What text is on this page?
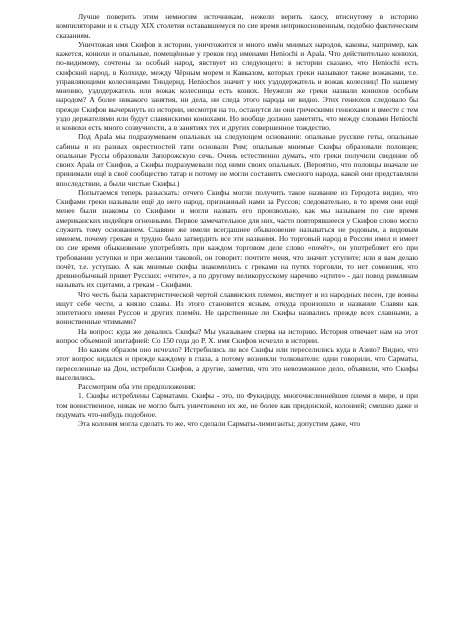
Лучше поверить этим немногим источникам, нежели верить хаосу, втиснутому в историю компиляторами и к стыду XIX столетия остававшемуся по сие время неприкосновенным, подобно фактическим сказаниям.

Уничтожая имя Скифов в истории, уничтожится и много имён мнимых народов, каковы, например, как кажется, конюхи и опальные, помещённые у греков под именами Heniochi и Apala. Что действительно конюхи, по-видимому, сочтены за особый народ, явствует из следующего: в истории сказано, что Heniochi есть скифский народ, в Колхиде, между Чёрным морем и Кавказом, которых греки называют также вожаками, т.е. управляющими колесницами Тиндерид. Heniochos значит у них уздодержатель и вожак колесниц! По нашему мнению, уздодержатель или вожак колесницы есть конюх. Неужели же греки назвали конюхов особым народом? А более никакого занятия, ни дела, ни следа этого народа не видно. Этих гениохов следовало бы прежде Скифов вычеркнуть из истории, несмотря на то, останутся ли они греческими геннохами и вместе с тем уздо держателями или будут славянскими конюхами. Но вообще должно заметить, что между словами Heniochi и конюхи есть много созвучности, а в занятиях тех и других совершенное тождество.

Под Apala мы подразумеваем опальных на следующем основании: опальные русские геты, опальные сабины и из разных окрестностей тати основали Рим; опальные мнимые Скифы образовали половцев; опальные Руссы образовали Запорожскую сечь. Очень естественно думать, что греки получили сведение об своих Apala от Скифов, а Скифы подразумевали под ними своих опальных. (Вероятно, что половцы вначале не принимали ещё в своё сообщество татар и потому не могли составить смесного народа, какой они представляли впоследствии, а были чистые Скифы.)

Попытаемся теперь разыскать: отчего Скифы могли получить такое название из Геродота видно, что Скифами греки называли ещё до него народ, признанный нами за Руссов; следовательно, в то время они ещё менее были знакомы со Скифами и могли назвать его произвольно, как мы называем по сие время американских индейцев огненными. Первое замечательное для них, часто повторявшееся у Скифов слово могло служить тому основанием. Славяне же имели всегдашнее обыкновение называться не родовым, а видовым именем, почему грекам и трудно было затвердить все эти названия. Но торговый народ в России имел и имеет по сие время обыкновение употреблять при каждом торговом деле слово «почёт», он употребляет его при требовании уступки и при желании таковой, он говорит: почтите меня, что значит уступите; или я вам делаю почёт, т.е. уступаю. А как мнимые скифы знакомились с греками на путях торговли, то нет сомнения, что древнеобычный привет Русских: «чтите», а по другому великорусскому наречию «цтите» - дал повод римлянам называть их сцитами, а грекам - Скифами.

Что честь была характеристической чертой славянских племен, явствует и из народных песен, где воины ищут себе чести, а князю славы. Из этого становится ясным, откуда произошло и название Славян как эпитетного имени Руссов и других племён. Не царственные ли Скифы назвались прежде всех славными, а воинственные чтимыми?

На вопрос: куда же девались Скифы? Мы указываем сперва на историю. История отвечает нам на этот вопрос объемной эпитафией: Со 150 года до Р. Х. имя Скифов исчезло в истории.

Но каким образом оно исчезло? Истребились ли все Скифы или переселились куда в Азию? Видно, что этот вопрос кидался и прежде каждому в глаза, а потому возникли толкователи: одни говорили, что Сарматы, переселенные на Дон, истребили Скифов, а другие, заметив, что это невозможное дело, объявили, что Скифы выселились.

Рассмотрим оба эти предположения:

1. Скифы истреблены Сарматами. Скифы - это, по Фукидиду, многочисленнейшее племя в мире, и при том воинственное, никак не могло быть уничтожено их же, не более как придонской, колонией; смешно даже и подумать что-нибудь подобное.

Эта колония могла сделать то же, что сделали Сарматы-лимиганты; допустим даже, что
